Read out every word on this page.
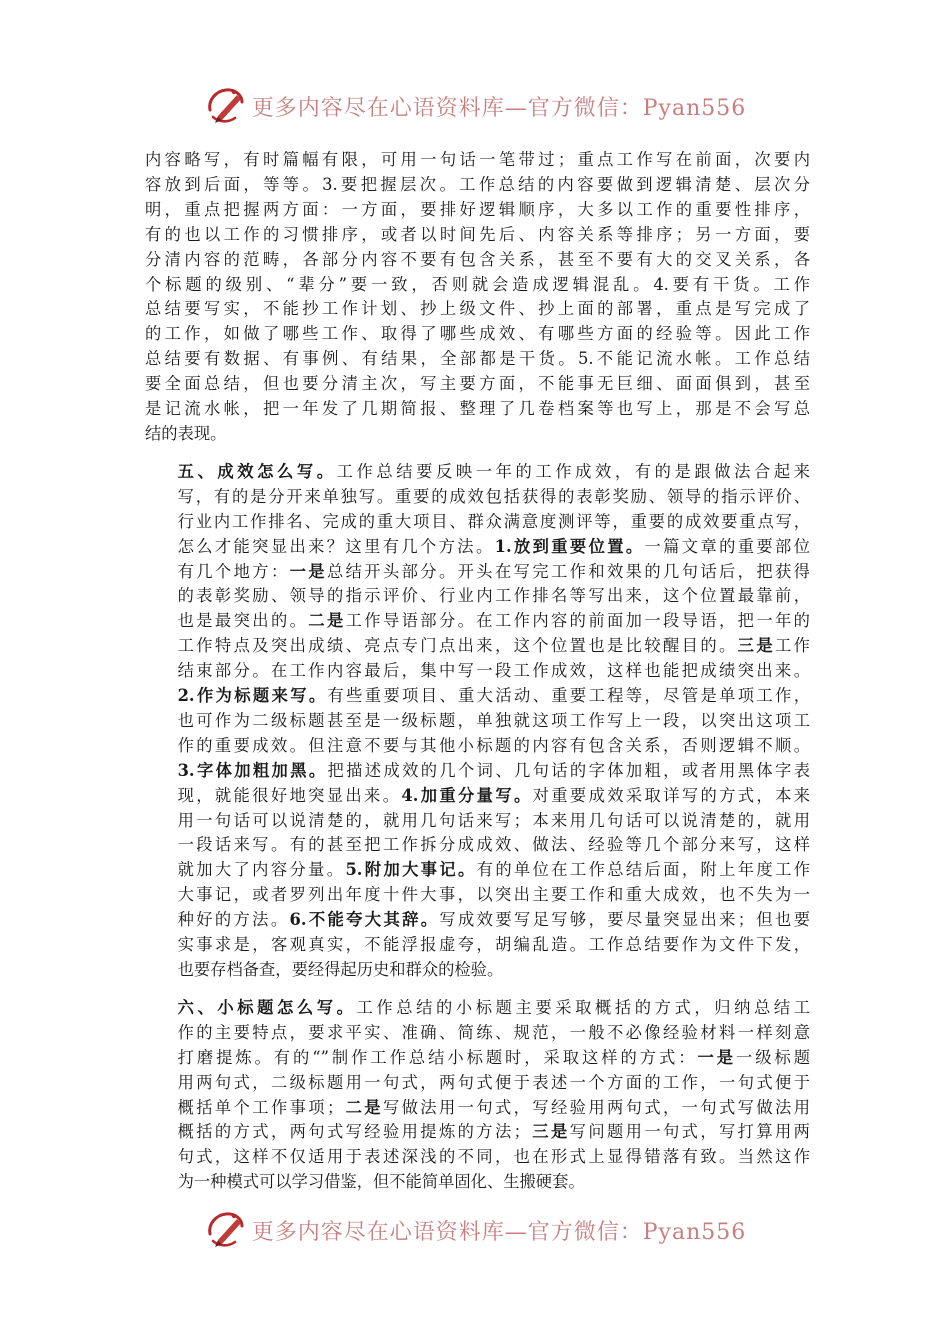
更多内容尽在心语资料库—官方微信：Pyan556

内容略写，有时篇幅有限，可用一句话一笔带过；重点工作写在前面，次要内
容放到后面，等等。3.要把握层次。工作总结的内容要做到逻辑清楚、层次分
明，重点把握两方面：一方面，要排好逻辑顺序，大多以工作的重要性排序，
有的也以工作的习惯排序，或者以时间先后、内容关系等排序；另一方面，要
分清内容的范畴，各部分内容不要有包含关系，甚至不要有大的交叉关系，各
个标题的级别、“辈分”要一致，否则就会造成逻辑混乱。4.要有干货。工作
总结要写实，不能抄工作计划、抄上级文件、抄上面的部署，重点是写完成了
的工作，如做了哪些工作、取得了哪些成效、有哪些方面的经验等。因此工作
总结要有数据、有事例、有结果，全部都是干货。5.不能记流水帐。工作总结
要全面总结，但也要分清主次，写主要方面，不能事无巨细、面面俱到，甚至
是记流水帐，把一年发了几期简报、整理了几卷档案等也写上，那是不会写总
结的表现。

五、成效怎么写。工作总结要反映一年的工作成效，有的是跟做法合起来
写，有的是分开来单独写。重要的成效包括获得的表彰奖励、领导的指示评价、
行业内工作排名、完成的重大项目、群众满意度测评等，重要的成效要重点写，
怎么才能突显出来？这里有几个方法。1.放到重要位置。一篇文章的重要部位
有几个地方：一是总结开头部分。开头在写完工作和效果的几句话后，把获得
的表彰奖励、领导的指示评价、行业内工作排名等写出来，这个位置最靠前，
也是最突出的。二是工作导语部分。在工作内容的前面加一段导语，把一年的
工作特点及突出成绩、亮点专门点出来，这个位置也是比较醒目的。三是工作
结束部分。在工作内容最后，集中写一段工作成效，这样也能把成绩突出来。
2.作为标题来写。有些重要项目、重大活动、重要工程等，尽管是单项工作，
也可作为二级标题甚至是一级标题，单独就这项工作写上一段，以突出这项工
作的重要成效。但注意不要与其他小标题的内容有包含关系，否则逻辑不顺。
3.字体加粗加黑。把描述成效的几个词、几句话的字体加粗，或者用黑体字表
现，就能很好地突显出来。4.加重分量写。对重要成效采取详写的方式，本来
用一句话可以说清楚的，就用几句话来写；本来用几句话可以说清楚的，就用
一段话来写。有的甚至把工作拆分成成效、做法、经验等几个部分来写，这样
就加大了内容分量。5.附加大事记。有的单位在工作总结后面，附上年度工作
大事记，或者罗列出年度十件大事，以突出主要工作和重大成效，也不失为一
种好的方法。6.不能夸大其辞。写成效要写足写够，要尽量突显出来；但也要
实事求是，客观真实，不能浮报虚夸，胡编乱造。工作总结要作为文件下发，
也要存档备查，要经得起历史和群众的检验。

六、小标题怎么写。工作总结的小标题主要采取概括的方式，归纳总结工
作的主要特点，要求平实、准确、简练、规范，一般不必像经验材料一样刻意
打磨提炼。有的“”制作工作总结小标题时，采取这样的方式：一是一级标题
用两句式，二级标题用一句式，两句式便于表述一个方面的工作，一句式便于
概括单个工作事项；二是写做法用一句式，写经验用两句式，一句式写做法用
概括的方式，两句式写经验用提炼的方法；三是写问题用一句式，写打算用两
句式，这样不仅适用于表述深浅的不同，也在形式上显得错落有致。当然这作
为一种模式可以学习借鉴，但不能简单固化、生搬硬套。

更多内容尽在心语资料库—官方微信：Pyan556
